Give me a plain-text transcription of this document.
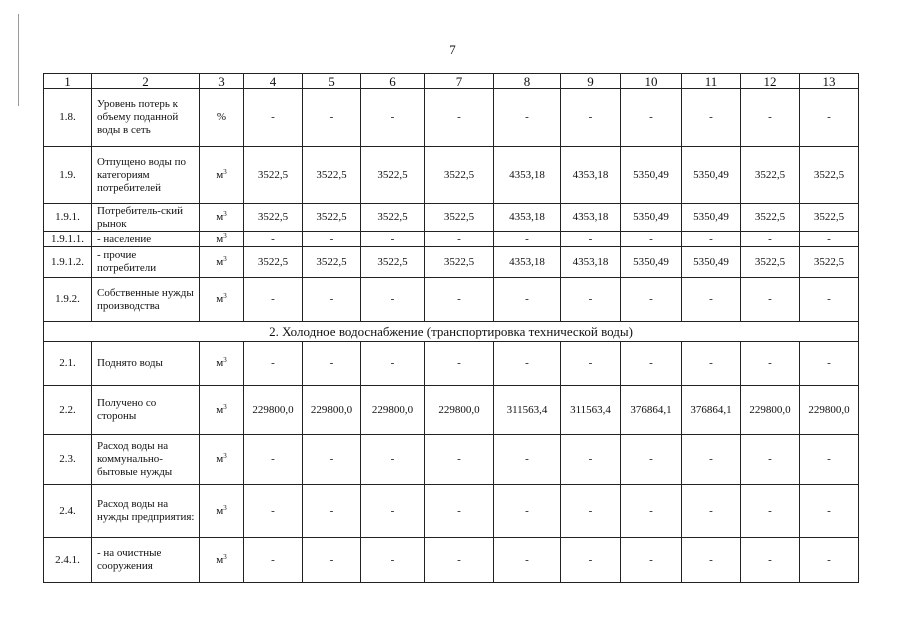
7
1	2	3	4	5	6	7	8	9	10	11	12	13
1.8.	Уровень потерь к объему поданной воды в сеть	%	-	-	-	-	-	-	-	-	-	-
1.9.	Отпущено воды по категориям потребителей	$м^3$	3522,5	3522,5	3522,5	3522,5	4353,18	4353,18	5350,49	5350,49	3522,5	3522,5
1.9.1.	Потребитель-ский рынок	$м^3$	3522,5	3522,5	3522,5	3522,5	4353,18	4353,18	5350,49	5350,49	3522,5	3522,5
1.9.1.1.	- население	$м^3$	-	-	-	-	-	-	-	-	-	-
1.9.1.2.	- прочие потребители	$м^3$	3522,5	3522,5	3522,5	3522,5	4353,18	4353,18	5350,49	5350,49	3522,5	3522,5
1.9.2.	Собственные нужды производства	$м^3$	-	-	-	-	-	-	-	-	-	-
2. Холодное водоснабжение (транспортировка технической воды)												
2.1.	Поднято воды	$м^3$	-	-	-	-	-	-	-	-	-	-
2.2.	Получено со стороны	$м^3$	229800,0	229800,0	229800,0	229800,0	311563,4	311563,4	376864,1	376864,1	229800,0	229800,0
2.3.	Расход воды на коммунально-бытовые нужды	$м^3$	-	-	-	-	-	-	-	-	-	-
2.4.	Расход воды на нужды предприятия:	$м^3$	-	-	-	-	-	-	-	-	-	-
2.4.1.	- на очистные сооружения	$м^3$	-	-	-	-	-	-	-	-	-	-
